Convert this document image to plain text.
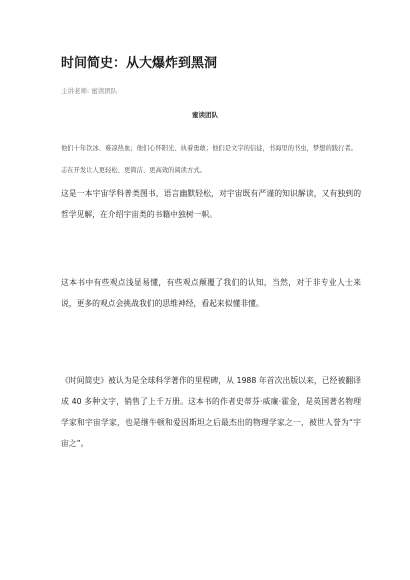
时间简史：从大爆炸到黑洞
主讲老师: 蜜读团队
蜜读团队

他们十年饮冰、难凉热血；他们心怀阳光、执着勇敢；他们是文字的信徒，书海里的书虫，梦想的践行者。志在开发让人更轻松、更简洁、更高效的阅读方式。

这是一本宇宙学科普类图书，语言幽默轻松，对宇宙既有严谨的知识解读，又有独到的哲学见解，在介绍宇宙类的书籍中独树一帜。

这本书中有些观点浅显易懂，有些观点颠覆了我们的认知，当然，对于非专业人士来说，更多的观点会挑战我们的思维神经，看起来似懂非懂。

《时间简史》被认为是全球科学著作的里程碑，从 1988 年首次出版以来，已经被翻译成 40 多种文字，销售了上千万册。这本书的作者史蒂芬·威廉·霍金，是英国著名物理学家和宇宙学家，也是继牛顿和爱因斯坦之后最杰出的物理学家之一，被世人誉为“宇宙之”。
